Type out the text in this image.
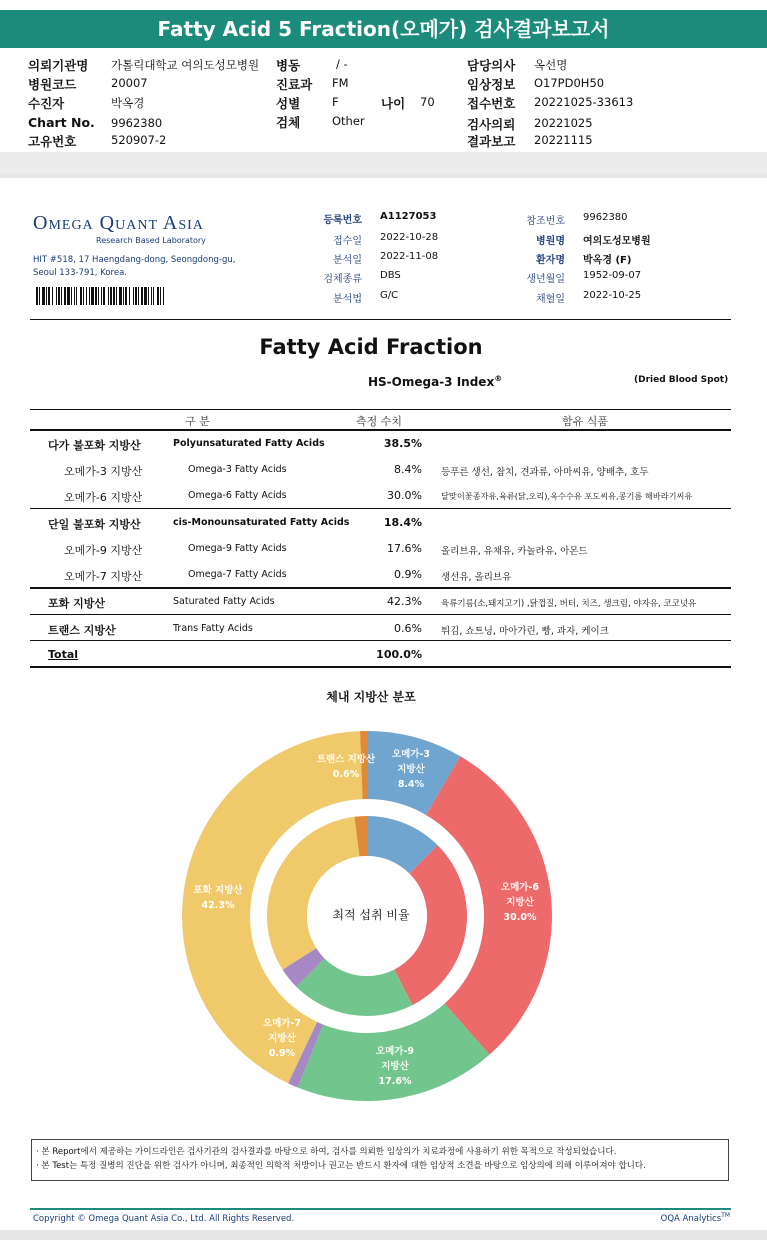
Fatty Acid 5 Fraction(오메가) 검사결과보고서
의뢰기관명 가톨릭대학교 여의도성모병원
병원코드	20007
수진자	박옥경
Chart No. 9962380
고유번호	520907-2
병동	/ -
진료과 FM
성별	F	나이 70
검체	Other
담당의사 옥선명
임상정보 O17PD0H50
접수번호 20221025-33613
검사의뢰 20221025
결과보고 20221115
Omega Quant Asia
Research Based Laboratory
HIT #518, 17 Haengdang-dong, Seongdong-gu,
Seoul 133-791, Korea.
등록번호 A1127053
접수일 2022-10-28
분석일 2022-11-08
검체종류 DBS
분석법 G/C
참조번호 9962380
병원명 여의도성모병원
환자명 박옥경 (F)
생년월일 1952-09-07
채혈일 2022-10-25
Fatty Acid Fraction
HS-Omega-3 Index®	(Dried Blood Spot)
구 분	측정 수치	함유 식품
다가 불포화 지방산	Polyunsaturated Fatty Acids	38.5%
오메가-3 지방산	Omega-3 Fatty Acids	8.4% 등푸른 생선, 참치, 견과류, 아마씨유, 양배추, 호두
오메가-6 지방산	Omega-6 Fatty Acids	30.0% 달맞이꽃종자유,육류(닭,오리),옥수수유 포도씨유,콩기름 해바라기씨유
단일 불포화 지방산	cis-Monounsaturated Fatty Acids	18.4%
오메가-9 지방산	Omega-9 Fatty Acids	17.6% 올리브유, 유채유, 카놀라유, 아몬드
오메가-7 지방산	Omega-7 Fatty Acids	0.9% 생선유, 올리브유
포화 지방산	Saturated Fatty Acids	42.3% 육류기름(소,돼지고기) ,닭껍질, 버터, 치즈, 생크림, 야자유, 코코넛유
트랜스 지방산	Trans Fatty Acids	0.6% 튀김, 쇼트닝, 마아가린, 빵, 과자, 케이크
Total	100.0%
체내 지방산 분포
최적 섭취 비율
오메가-3
지방산
8.4%
오메가-6
지방산
30.0%
오메가-9
지방산
17.6%
오메가-7
지방산
0.9%
포화 지방산
42.3%
트랜스 지방산
0.6%
· 본 Report에서 제공하는 가이드라인은 검사기관의 검사결과를 바탕으로 하여, 검사를 의뢰한 임상의가 치료과정에 사용하기 위한 목적으로 작성되었습니다.
· 본 Test는 특정 질병의 진단을 위한 검사가 아니며, 최종적인 의학적 처방이나 권고는 반드시 환자에 대한 임상적 소견을 바탕으로 임상의에 의해 이루어져야 합니다.
Copyright © Omega Quant Asia Co., Ltd. All Rights Reserved.	OQA Analytics™
